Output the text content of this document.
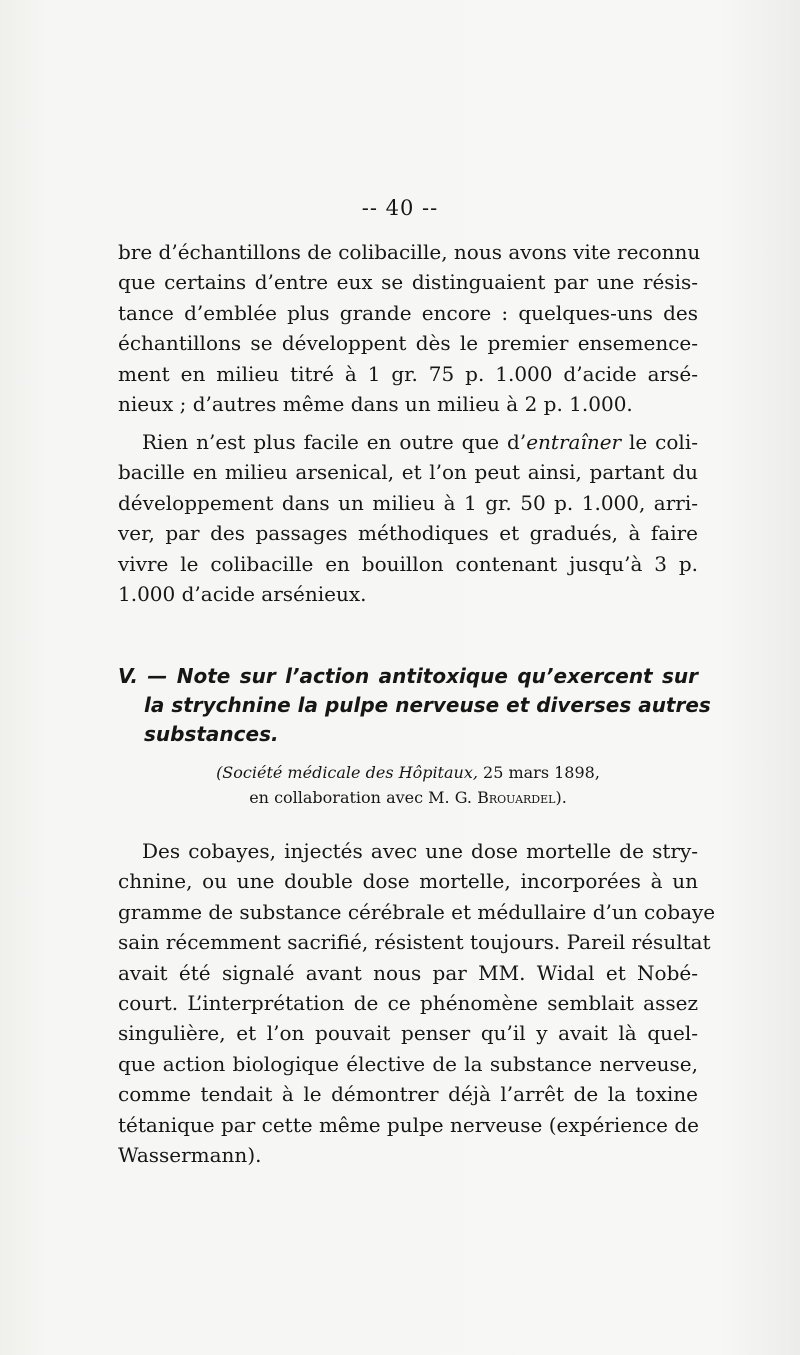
-- 40 --
bre d’échantillons de colibacille, nous avons vite reconnu
que certains d’entre eux se distinguaient par une résis-
tance d’emblée plus grande encore : quelques-uns des
échantillons se développent dès le premier ensemence-
ment en milieu titré à 1 gr. 75 p. 1.000 d’acide arsé-
nieux ; d’autres même dans un milieu à 2 p. 1.000.
Rien n’est plus facile en outre que d’entraîner le coli-
bacille en milieu arsenical, et l’on peut ainsi, partant du
développement dans un milieu à 1 gr. 50 p. 1.000, arri-
ver, par des passages méthodiques et gradués, à faire
vivre le colibacille en bouillon contenant jusqu’à 3 p.
1.000 d’acide arsénieux.
V. — Note sur l’action antitoxique qu’exercent sur
la strychnine la pulpe nerveuse et diverses autres
substances.
(Société médicale des Hôpitaux, 25 mars 1898,
en collaboration avec M. G. Brouardel).
Des cobayes, injectés avec une dose mortelle de stry-
chnine, ou une double dose mortelle, incorporées à un
gramme de substance cérébrale et médullaire d’un cobaye
sain récemment sacrifié, résistent toujours. Pareil résultat
avait été signalé avant nous par MM. Widal et Nobé-
court. L’interprétation de ce phénomène semblait assez
singulière, et l’on pouvait penser qu’il y avait là quel-
que action biologique élective de la substance nerveuse,
comme tendait à le démontrer déjà l’arrêt de la toxine
tétanique par cette même pulpe nerveuse (expérience de
Wassermann).
